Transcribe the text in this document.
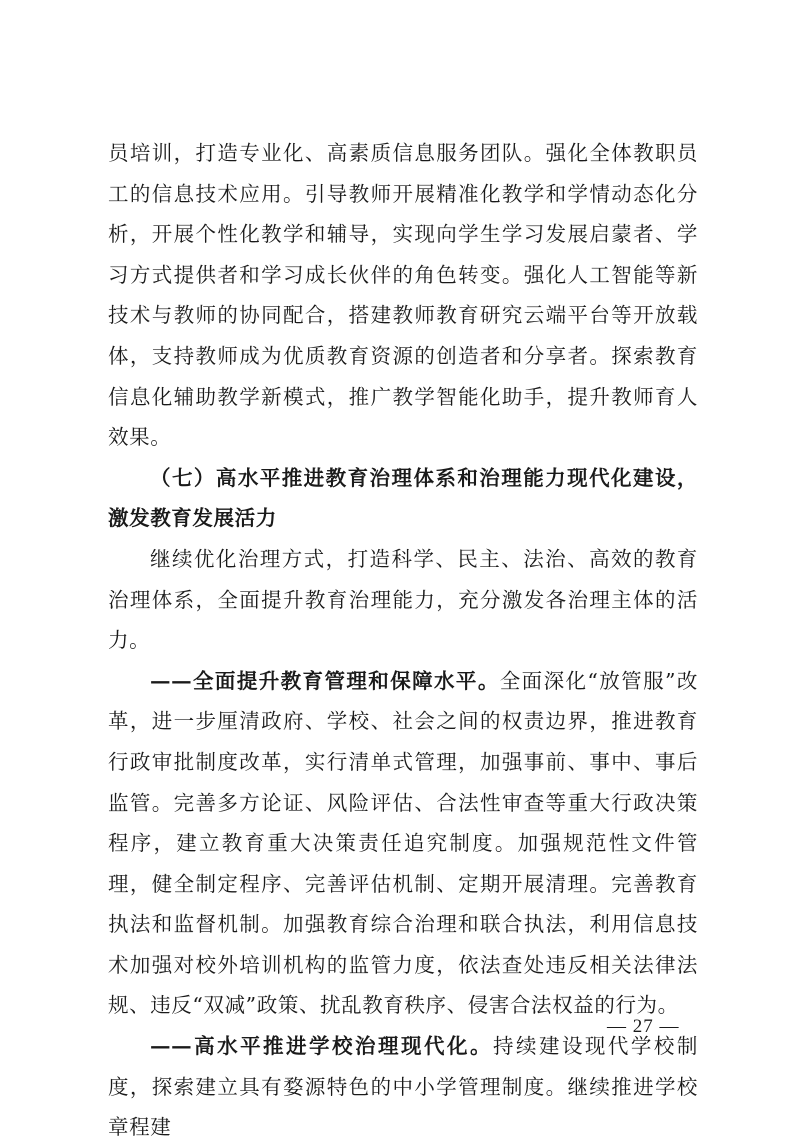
员培训，打造专业化、高素质信息服务团队。强化全体教职员工的信息技术应用。引导教师开展精准化教学和学情动态化分析，开展个性化教学和辅导，实现向学生学习发展启蒙者、学习方式提供者和学习成长伙伴的角色转变。强化人工智能等新技术与教师的协同配合，搭建教师教育研究云端平台等开放载体，支持教师成为优质教育资源的创造者和分享者。探索教育信息化辅助教学新模式，推广教学智能化助手，提升教师育人效果。

（七）高水平推进教育治理体系和治理能力现代化建设，激发教育发展活力

继续优化治理方式，打造科学、民主、法治、高效的教育治理体系，全面提升教育治理能力，充分激发各治理主体的活力。

——全面提升教育管理和保障水平。全面深化“放管服”改革，进一步厘清政府、学校、社会之间的权责边界，推进教育行政审批制度改革，实行清单式管理，加强事前、事中、事后监管。完善多方论证、风险评估、合法性审查等重大行政决策程序，建立教育重大决策责任追究制度。加强规范性文件管理，健全制定程序、完善评估机制、定期开展清理。完善教育执法和监督机制。加强教育综合治理和联合执法，利用信息技术加强对校外培训机构的监管力度，依法查处违反相关法律法规、违反“双减”政策、扰乱教育秩序、侵害合法权益的行为。

——高水平推进学校治理现代化。持续建设现代学校制度，探索建立具有婺源特色的中小学管理制度。继续推进学校章程建

— 27 —
